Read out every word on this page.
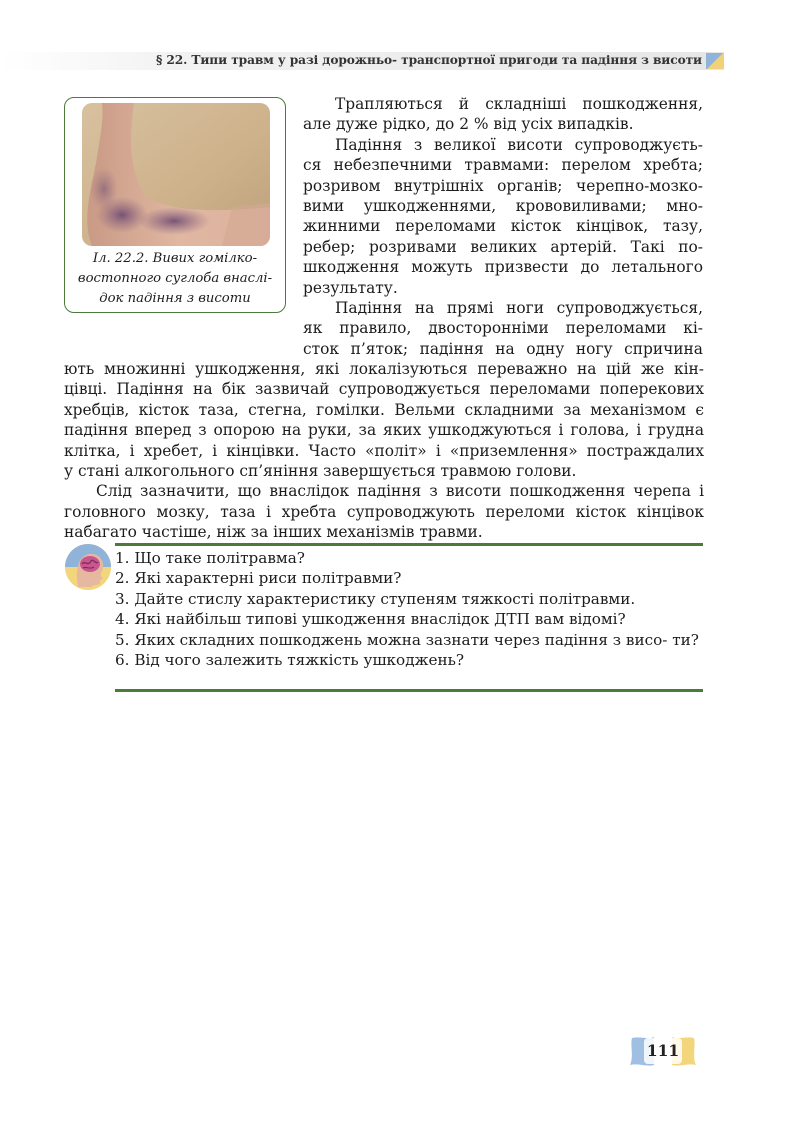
§ 22. Типи травм у разі дорожньо- транспортної пригоди та падіння з висоти
Іл. 22.2. Вивих гомілко-
востопного суглоба внаслі-
док падіння з висоти
Трапляються й складніші пошкодження,
але дуже рідко, до 2 % від усіх випадків.
Падіння з великої висоти супроводжуєть-
ся небезпечними травмами: перелом хребта;
розривом внутрішніх органів; черепно-мозко-
вими ушкодженнями, крововиливами; мно-
жинними переломами кісток кінцівок, тазу,
ребер; розривами великих артерій. Такі по-
шкодження можуть призвести до летального
результату.
Падіння на прямі ноги супроводжується,
як правило, двосторонніми переломами кі-
сток п’яток; падіння на одну ногу спричина
ють множинні ушкодження, які локалізуються переважно на цій же кін-
цівці. Падіння на бік зазвичай супроводжується переломами поперекових
хребців, кісток таза, стегна, гомілки. Вельми складними за механізмом є
падіння вперед з опорою на руки, за яких ушкоджуються і голова, і грудна
клітка, і хребет, і кінцівки. Часто «політ» і «приземлення» постраждалих
у стані алкогольного сп’яніння завершується травмою голови.
Слід зазначити, що внаслідок падіння з висоти пошкодження черепа і
головного мозку, таза і хребта супроводжують переломи кісток кінцівок
набагато частіше, ніж за інших механізмів травми.
1. Що таке політравма?
2. Які характерні риси політравми?
3. Дайте стислу характеристику ступеням тяжкості політравми.
4. Які найбільш типові ушкодження внаслідок ДТП вам відомі?
5. Яких складних пошкоджень можна зазнати через падіння з висо- ти?
6. Від чого залежить тяжкість ушкоджень?
111
